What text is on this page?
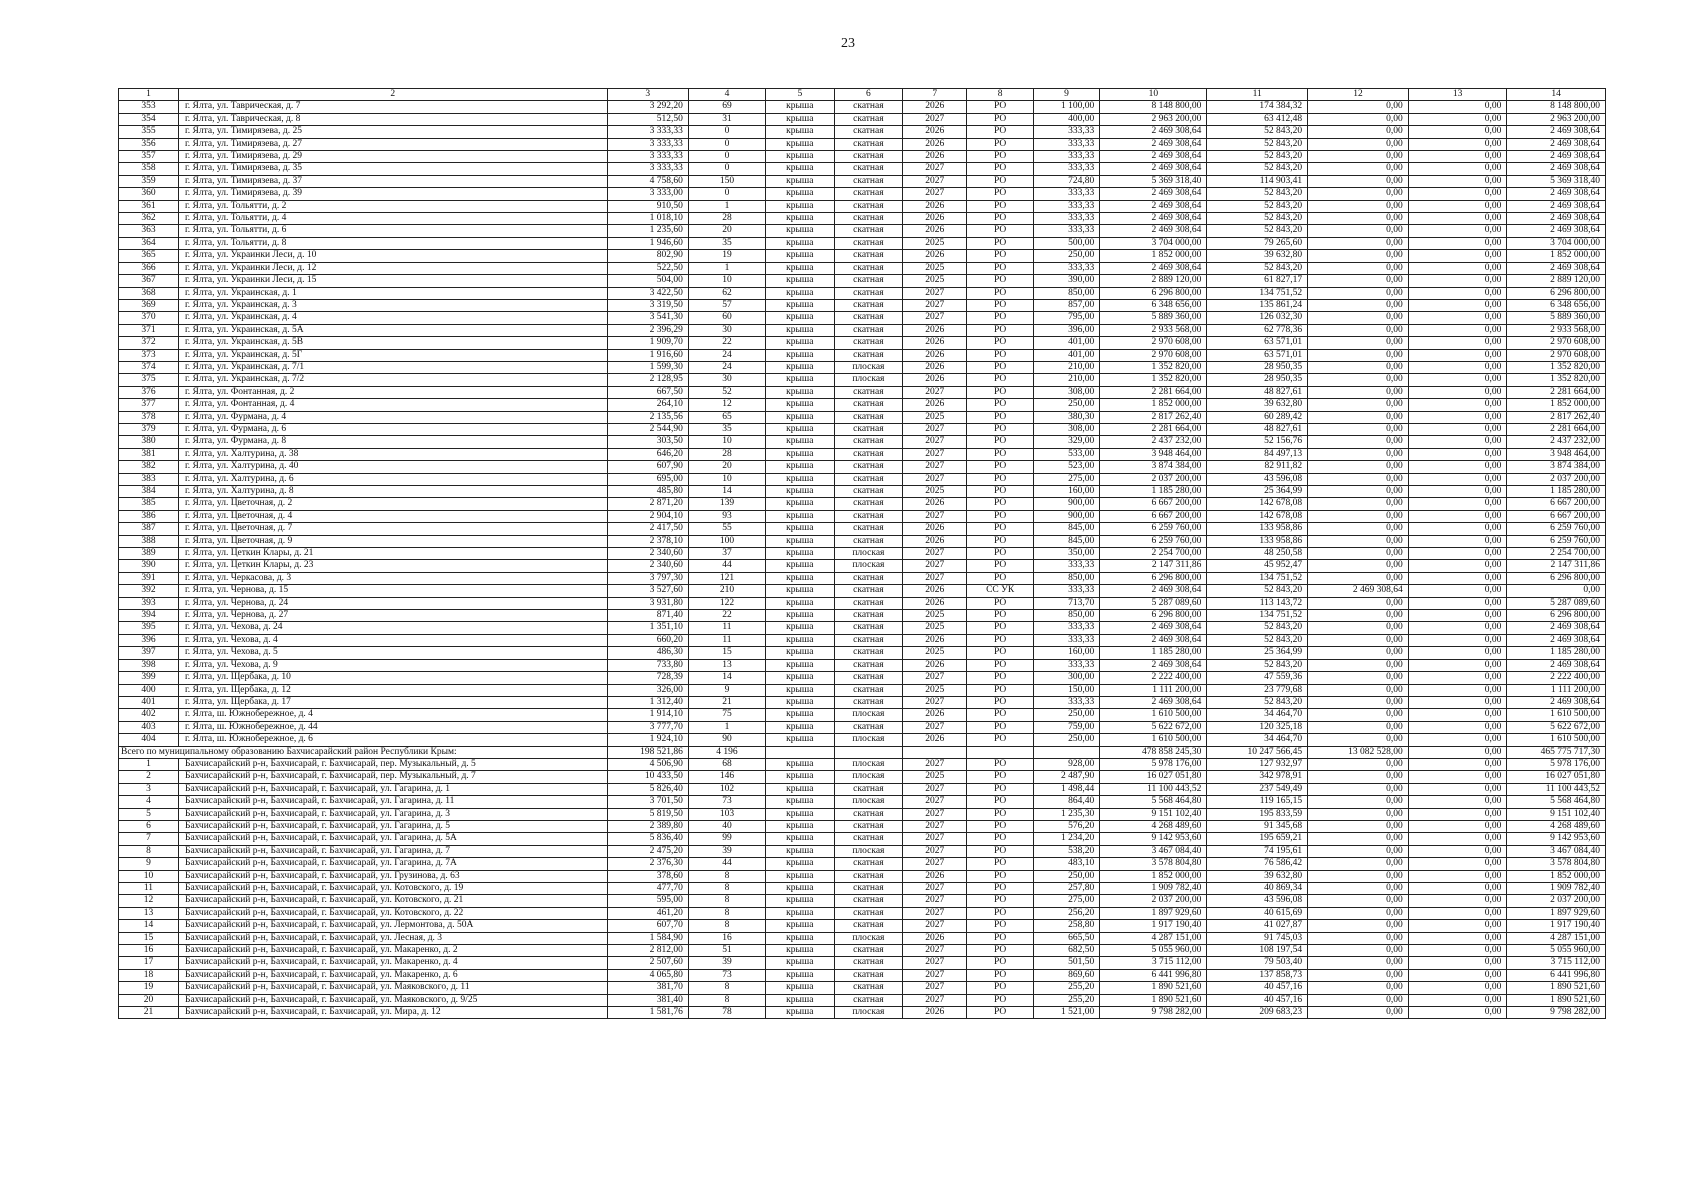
23
1	2	3	4	5	6	7	8	9	10	11	12	13	14
353	г. Ялта, ул. Таврическая, д. 7	3 292,20	69	крыша	скатная	2026	РО	1 100,00	8 148 800,00	174 384,32	0,00	0,00	8 148 800,00
354	г. Ялта, ул. Таврическая, д. 8	512,50	31	крыша	скатная	2027	РО	400,00	2 963 200,00	63 412,48	0,00	0,00	2 963 200,00
355	г. Ялта, ул. Тимирязева, д. 25	3 333,33	0	крыша	скатная	2026	РО	333,33	2 469 308,64	52 843,20	0,00	0,00	2 469 308,64
356	г. Ялта, ул. Тимирязева, д. 27	3 333,33	0	крыша	скатная	2026	РО	333,33	2 469 308,64	52 843,20	0,00	0,00	2 469 308,64
357	г. Ялта, ул. Тимирязева, д. 29	3 333,33	0	крыша	скатная	2026	РО	333,33	2 469 308,64	52 843,20	0,00	0,00	2 469 308,64
358	г. Ялта, ул. Тимирязева, д. 35	3 333,33	0	крыша	скатная	2027	РО	333,33	2 469 308,64	52 843,20	0,00	0,00	2 469 308,64
359	г. Ялта, ул. Тимирязева, д. 37	4 758,60	150	крыша	скатная	2027	РО	724,80	5 369 318,40	114 903,41	0,00	0,00	5 369 318,40
360	г. Ялта, ул. Тимирязева, д. 39	3 333,00	0	крыша	скатная	2027	РО	333,33	2 469 308,64	52 843,20	0,00	0,00	2 469 308,64
361	г. Ялта, ул. Тольятти, д. 2	910,50	1	крыша	скатная	2026	РО	333,33	2 469 308,64	52 843,20	0,00	0,00	2 469 308,64
362	г. Ялта, ул. Тольятти, д. 4	1 018,10	28	крыша	скатная	2026	РО	333,33	2 469 308,64	52 843,20	0,00	0,00	2 469 308,64
363	г. Ялта, ул. Тольятти, д. 6	1 235,60	20	крыша	скатная	2026	РО	333,33	2 469 308,64	52 843,20	0,00	0,00	2 469 308,64
364	г. Ялта, ул. Тольятти, д. 8	1 946,60	35	крыша	скатная	2025	РО	500,00	3 704 000,00	79 265,60	0,00	0,00	3 704 000,00
365	г. Ялта, ул. Украинки Леси, д. 10	802,90	19	крыша	скатная	2026	РО	250,00	1 852 000,00	39 632,80	0,00	0,00	1 852 000,00
366	г. Ялта, ул. Украинки Леси, д. 12	522,50	1	крыша	скатная	2025	РО	333,33	2 469 308,64	52 843,20	0,00	0,00	2 469 308,64
367	г. Ялта, ул. Украинки Леси, д. 15	504,00	10	крыша	скатная	2025	РО	390,00	2 889 120,00	61 827,17	0,00	0,00	2 889 120,00
368	г. Ялта, ул. Украинская, д. 1	3 422,50	62	крыша	скатная	2027	РО	850,00	6 296 800,00	134 751,52	0,00	0,00	6 296 800,00
369	г. Ялта, ул. Украинская, д. 3	3 319,50	57	крыша	скатная	2027	РО	857,00	6 348 656,00	135 861,24	0,00	0,00	6 348 656,00
370	г. Ялта, ул. Украинская, д. 4	3 541,30	60	крыша	скатная	2027	РО	795,00	5 889 360,00	126 032,30	0,00	0,00	5 889 360,00
371	г. Ялта, ул. Украинская, д. 5А	2 396,29	30	крыша	скатная	2026	РО	396,00	2 933 568,00	62 778,36	0,00	0,00	2 933 568,00
372	г. Ялта, ул. Украинская, д. 5В	1 909,70	22	крыша	скатная	2026	РО	401,00	2 970 608,00	63 571,01	0,00	0,00	2 970 608,00
373	г. Ялта, ул. Украинская, д. 5Г	1 916,60	24	крыша	скатная	2026	РО	401,00	2 970 608,00	63 571,01	0,00	0,00	2 970 608,00
374	г. Ялта, ул. Украинская, д. 7/1	1 599,30	24	крыша	плоская	2026	РО	210,00	1 352 820,00	28 950,35	0,00	0,00	1 352 820,00
375	г. Ялта, ул. Украинская, д. 7/2	2 128,95	30	крыша	плоская	2026	РО	210,00	1 352 820,00	28 950,35	0,00	0,00	1 352 820,00
376	г. Ялта, ул. Фонтанная, д. 2	667,50	52	крыша	скатная	2027	РО	308,00	2 281 664,00	48 827,61	0,00	0,00	2 281 664,00
377	г. Ялта, ул. Фонтанная, д. 4	264,10	12	крыша	скатная	2026	РО	250,00	1 852 000,00	39 632,80	0,00	0,00	1 852 000,00
378	г. Ялта, ул. Фурмана, д. 4	2 135,56	65	крыша	скатная	2025	РО	380,30	2 817 262,40	60 289,42	0,00	0,00	2 817 262,40
379	г. Ялта, ул. Фурмана, д. 6	2 544,90	35	крыша	скатная	2027	РО	308,00	2 281 664,00	48 827,61	0,00	0,00	2 281 664,00
380	г. Ялта, ул. Фурмана, д. 8	303,50	10	крыша	скатная	2027	РО	329,00	2 437 232,00	52 156,76	0,00	0,00	2 437 232,00
381	г. Ялта, ул. Халтурина, д. 38	646,20	28	крыша	скатная	2027	РО	533,00	3 948 464,00	84 497,13	0,00	0,00	3 948 464,00
382	г. Ялта, ул. Халтурина, д. 40	607,90	20	крыша	скатная	2027	РО	523,00	3 874 384,00	82 911,82	0,00	0,00	3 874 384,00
383	г. Ялта, ул. Халтурина, д. 6	695,00	10	крыша	скатная	2027	РО	275,00	2 037 200,00	43 596,08	0,00	0,00	2 037 200,00
384	г. Ялта, ул. Халтурина, д. 8	485,80	14	крыша	скатная	2025	РО	160,00	1 185 280,00	25 364,99	0,00	0,00	1 185 280,00
385	г. Ялта, ул. Цветочная, д. 2	2 871,20	139	крыша	скатная	2026	РО	900,00	6 667 200,00	142 678,08	0,00	0,00	6 667 200,00
386	г. Ялта, ул. Цветочная, д. 4	2 904,10	93	крыша	скатная	2027	РО	900,00	6 667 200,00	142 678,08	0,00	0,00	6 667 200,00
387	г. Ялта, ул. Цветочная, д. 7	2 417,50	55	крыша	скатная	2026	РО	845,00	6 259 760,00	133 958,86	0,00	0,00	6 259 760,00
388	г. Ялта, ул. Цветочная, д. 9	2 378,10	100	крыша	скатная	2026	РО	845,00	6 259 760,00	133 958,86	0,00	0,00	6 259 760,00
389	г. Ялта, ул. Цеткин Клары, д. 21	2 340,60	37	крыша	плоская	2027	РО	350,00	2 254 700,00	48 250,58	0,00	0,00	2 254 700,00
390	г. Ялта, ул. Цеткин Клары, д. 23	2 340,60	44	крыша	плоская	2027	РО	333,33	2 147 311,86	45 952,47	0,00	0,00	2 147 311,86
391	г. Ялта, ул. Черкасова, д. 3	3 797,30	121	крыша	скатная	2027	РО	850,00	6 296 800,00	134 751,52	0,00	0,00	6 296 800,00
392	г. Ялта, ул. Чернова, д. 15	3 527,60	210	крыша	скатная	2026	СС УК	333,33	2 469 308,64	52 843,20	2 469 308,64	0,00	0,00
393	г. Ялта, ул. Чернова, д. 24	3 931,80	122	крыша	скатная	2026	РО	713,70	5 287 089,60	113 143,72	0,00	0,00	5 287 089,60
394	г. Ялта, ул. Чернова, д. 27	871,40	22	крыша	скатная	2025	РО	850,00	6 296 800,00	134 751,52	0,00	0,00	6 296 800,00
395	г. Ялта, ул. Чехова, д. 24	1 351,10	11	крыша	скатная	2025	РО	333,33	2 469 308,64	52 843,20	0,00	0,00	2 469 308,64
396	г. Ялта, ул. Чехова, д. 4	660,20	11	крыша	скатная	2026	РО	333,33	2 469 308,64	52 843,20	0,00	0,00	2 469 308,64
397	г. Ялта, ул. Чехова, д. 5	486,30	15	крыша	скатная	2025	РО	160,00	1 185 280,00	25 364,99	0,00	0,00	1 185 280,00
398	г. Ялта, ул. Чехова, д. 9	733,80	13	крыша	скатная	2026	РО	333,33	2 469 308,64	52 843,20	0,00	0,00	2 469 308,64
399	г. Ялта, ул. Щербака, д. 10	728,39	14	крыша	скатная	2027	РО	300,00	2 222 400,00	47 559,36	0,00	0,00	2 222 400,00
400	г. Ялта, ул. Щербака, д. 12	326,00	9	крыша	скатная	2025	РО	150,00	1 111 200,00	23 779,68	0,00	0,00	1 111 200,00
401	г. Ялта, ул. Щербака, д. 17	1 312,40	21	крыша	скатная	2027	РО	333,33	2 469 308,64	52 843,20	0,00	0,00	2 469 308,64
402	г. Ялта, ш. Южнобережное, д. 4	1 914,10	75	крыша	плоская	2026	РО	250,00	1 610 500,00	34 464,70	0,00	0,00	1 610 500,00
403	г. Ялта, ш. Южнобережное, д. 44	3 777,70	1	крыша	скатная	2027	РО	759,00	5 622 672,00	120 325,18	0,00	0,00	5 622 672,00
404	г. Ялта, ш. Южнобережное, д. 6	1 924,10	90	крыша	плоская	2026	РО	250,00	1 610 500,00	34 464,70	0,00	0,00	1 610 500,00
Всего по муниципальному образованию Бахчисарайский район Республики Крым:		198 521,86	4 196						478 858 245,30	10 247 566,45	13 082 528,00	0,00	465 775 717,30
1	Бахчисарайский р-н, Бахчисарай, г. Бахчисарай, пер. Музыкальный, д. 5	4 506,90	68	крыша	плоская	2027	РО	928,00	5 978 176,00	127 932,97	0,00	0,00	5 978 176,00
2	Бахчисарайский р-н, Бахчисарай, г. Бахчисарай, пер. Музыкальный, д. 7	10 433,50	146	крыша	плоская	2025	РО	2 487,90	16 027 051,80	342 978,91	0,00	0,00	16 027 051,80
3	Бахчисарайский р-н, Бахчисарай, г. Бахчисарай, ул. Гагарина, д. 1	5 826,40	102	крыша	скатная	2027	РО	1 498,44	11 100 443,52	237 549,49	0,00	0,00	11 100 443,52
4	Бахчисарайский р-н, Бахчисарай, г. Бахчисарай, ул. Гагарина, д. 11	3 701,50	73	крыша	плоская	2027	РО	864,40	5 568 464,80	119 165,15	0,00	0,00	5 568 464,80
5	Бахчисарайский р-н, Бахчисарай, г. Бахчисарай, ул. Гагарина, д. 3	5 819,50	103	крыша	скатная	2027	РО	1 235,30	9 151 102,40	195 833,59	0,00	0,00	9 151 102,40
6	Бахчисарайский р-н, Бахчисарай, г. Бахчисарай, ул. Гагарина, д. 5	2 389,80	40	крыша	скатная	2027	РО	576,20	4 268 489,60	91 345,68	0,00	0,00	4 268 489,60
7	Бахчисарайский р-н, Бахчисарай, г. Бахчисарай, ул. Гагарина, д. 5А	5 836,40	99	крыша	скатная	2027	РО	1 234,20	9 142 953,60	195 659,21	0,00	0,00	9 142 953,60
8	Бахчисарайский р-н, Бахчисарай, г. Бахчисарай, ул. Гагарина, д. 7	2 475,20	39	крыша	плоская	2027	РО	538,20	3 467 084,40	74 195,61	0,00	0,00	3 467 084,40
9	Бахчисарайский р-н, Бахчисарай, г. Бахчисарай, ул. Гагарина, д. 7А	2 376,30	44	крыша	скатная	2027	РО	483,10	3 578 804,80	76 586,42	0,00	0,00	3 578 804,80
10	Бахчисарайский р-н, Бахчисарай, г. Бахчисарай, ул. Грузинова, д. 63	378,60	8	крыша	скатная	2026	РО	250,00	1 852 000,00	39 632,80	0,00	0,00	1 852 000,00
11	Бахчисарайский р-н, Бахчисарай, г. Бахчисарай, ул. Котовского, д. 19	477,70	8	крыша	скатная	2027	РО	257,80	1 909 782,40	40 869,34	0,00	0,00	1 909 782,40
12	Бахчисарайский р-н, Бахчисарай, г. Бахчисарай, ул. Котовского, д. 21	595,00	8	крыша	скатная	2027	РО	275,00	2 037 200,00	43 596,08	0,00	0,00	2 037 200,00
13	Бахчисарайский р-н, Бахчисарай, г. Бахчисарай, ул. Котовского, д. 22	461,20	8	крыша	скатная	2027	РО	256,20	1 897 929,60	40 615,69	0,00	0,00	1 897 929,60
14	Бахчисарайский р-н, Бахчисарай, г. Бахчисарай, ул. Лермонтова, д. 50А	607,70	8	крыша	скатная	2027	РО	258,80	1 917 190,40	41 027,87	0,00	0,00	1 917 190,40
15	Бахчисарайский р-н, Бахчисарай, г. Бахчисарай, ул. Лесная, д. 3	1 584,90	16	крыша	плоская	2026	РО	665,50	4 287 151,00	91 745,03	0,00	0,00	4 287 151,00
16	Бахчисарайский р-н, Бахчисарай, г. Бахчисарай, ул. Макаренко, д. 2	2 812,00	51	крыша	скатная	2027	РО	682,50	5 055 960,00	108 197,54	0,00	0,00	5 055 960,00
17	Бахчисарайский р-н, Бахчисарай, г. Бахчисарай, ул. Макаренко, д. 4	2 507,60	39	крыша	скатная	2027	РО	501,50	3 715 112,00	79 503,40	0,00	0,00	3 715 112,00
18	Бахчисарайский р-н, Бахчисарай, г. Бахчисарай, ул. Макаренко, д. 6	4 065,80	73	крыша	скатная	2027	РО	869,60	6 441 996,80	137 858,73	0,00	0,00	6 441 996,80
19	Бахчисарайский р-н, Бахчисарай, г. Бахчисарай, ул. Маяковского, д. 11	381,70	8	крыша	скатная	2027	РО	255,20	1 890 521,60	40 457,16	0,00	0,00	1 890 521,60
20	Бахчисарайский р-н, Бахчисарай, г. Бахчисарай, ул. Маяковского, д. 9/25	381,40	8	крыша	скатная	2027	РО	255,20	1 890 521,60	40 457,16	0,00	0,00	1 890 521,60
21	Бахчисарайский р-н, Бахчисарай, г. Бахчисарай, ул. Мира, д. 12	1 581,76	78	крыша	плоская	2026	РО	1 521,00	9 798 282,00	209 683,23	0,00	0,00	9 798 282,00
